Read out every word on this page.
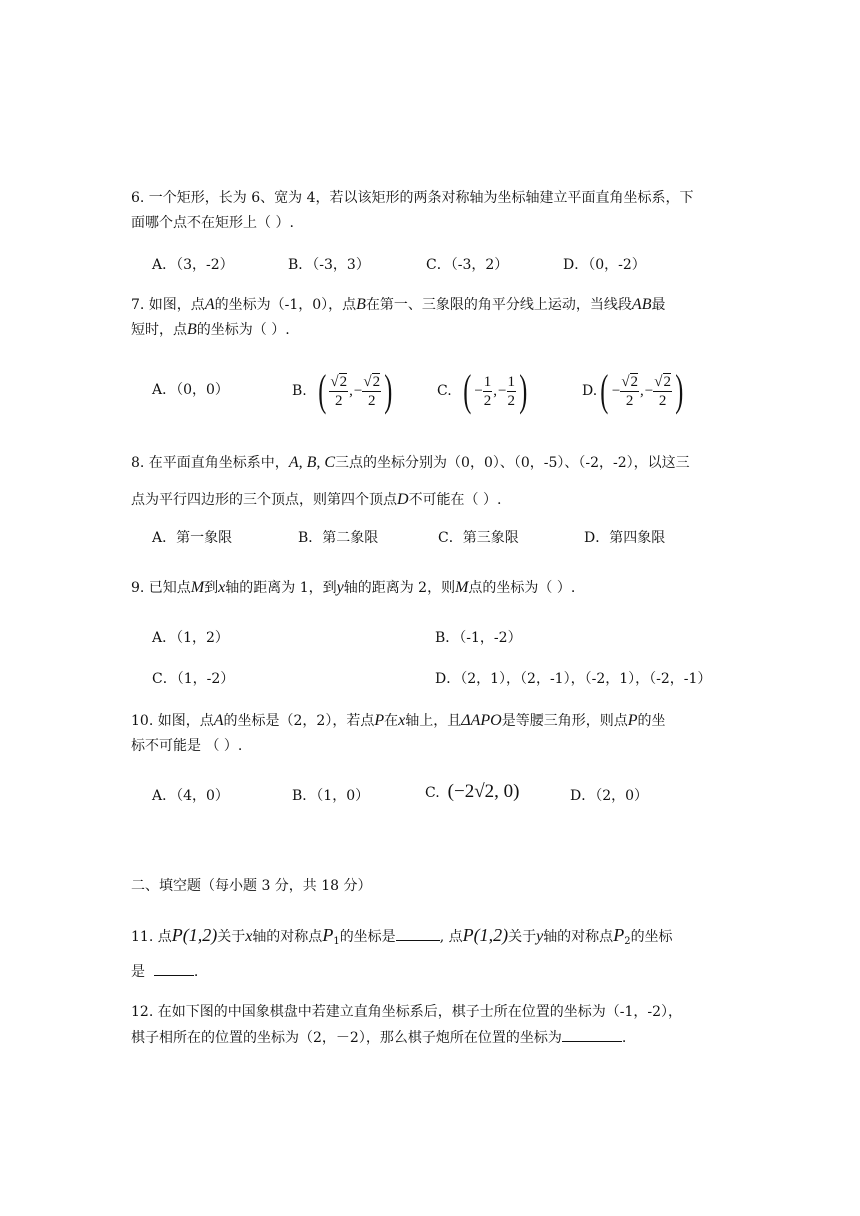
6. 一个矩形，长为 6、宽为 4，若以该矩形的两条对称轴为坐标轴建立平面直角坐标系，下
面哪个点不在矩形上（ ）.
A．（3，-2）	B．（-3，3）	C．（-3，2）	D．（0，-2）
7. 如图，点A的坐标为（-1，0），点B在第一、三象限的角平分线上运动，当线段AB最
短时，点B的坐标为（ ）.
A．（0，0）	B. ( $\frac{√2}{2}$ , − $\frac{√2}{2}$ )	C. ( − $\frac{1}{2}$ , − $\frac{1}{2}$ )	D. ( − $\frac{√2}{2}$ , − $\frac{√2}{2}$ )
8. 在平面直角坐标系中，A, B, C三点的坐标分别为（0，0）、（0，-5）、（-2，-2），以这三
点为平行四边形的三个顶点，则第四个顶点D不可能在（ ）.
A．第一象限	B．第二象限	C．第三象限	D．第四象限
9. 已知点M到x轴的距离为 1，到y轴的距离为 2，则M点的坐标为（ ）.
A．（1，2）	B．（-1，-2）
C．（1，-2）	D．（2，1），（2，-1），（-2，1），（-2，-1）
10. 如图，点A的坐标是（2，2），若点P在x轴上，且ΔAPO是等腰三角形，则点P的坐
标不可能是 （ ）.
A．（4，0）	B．（1，0）	C. (−2√2, 0)	D．（2，0）
二、填空题（每小题 3 分，共 18 分）
11. 点P(1,2)关于x轴的对称点$P_1$的坐标是	, 点P(1,2)关于y轴的对称点$P_2$的坐标
是	.
12. 在如下图的中国象棋盘中若建立直角坐标系后，棋子士所在位置的坐标为（-1，-2），
棋子相所在的位置的坐标为（2，－2），那么棋子炮所在位置的坐标为	.
